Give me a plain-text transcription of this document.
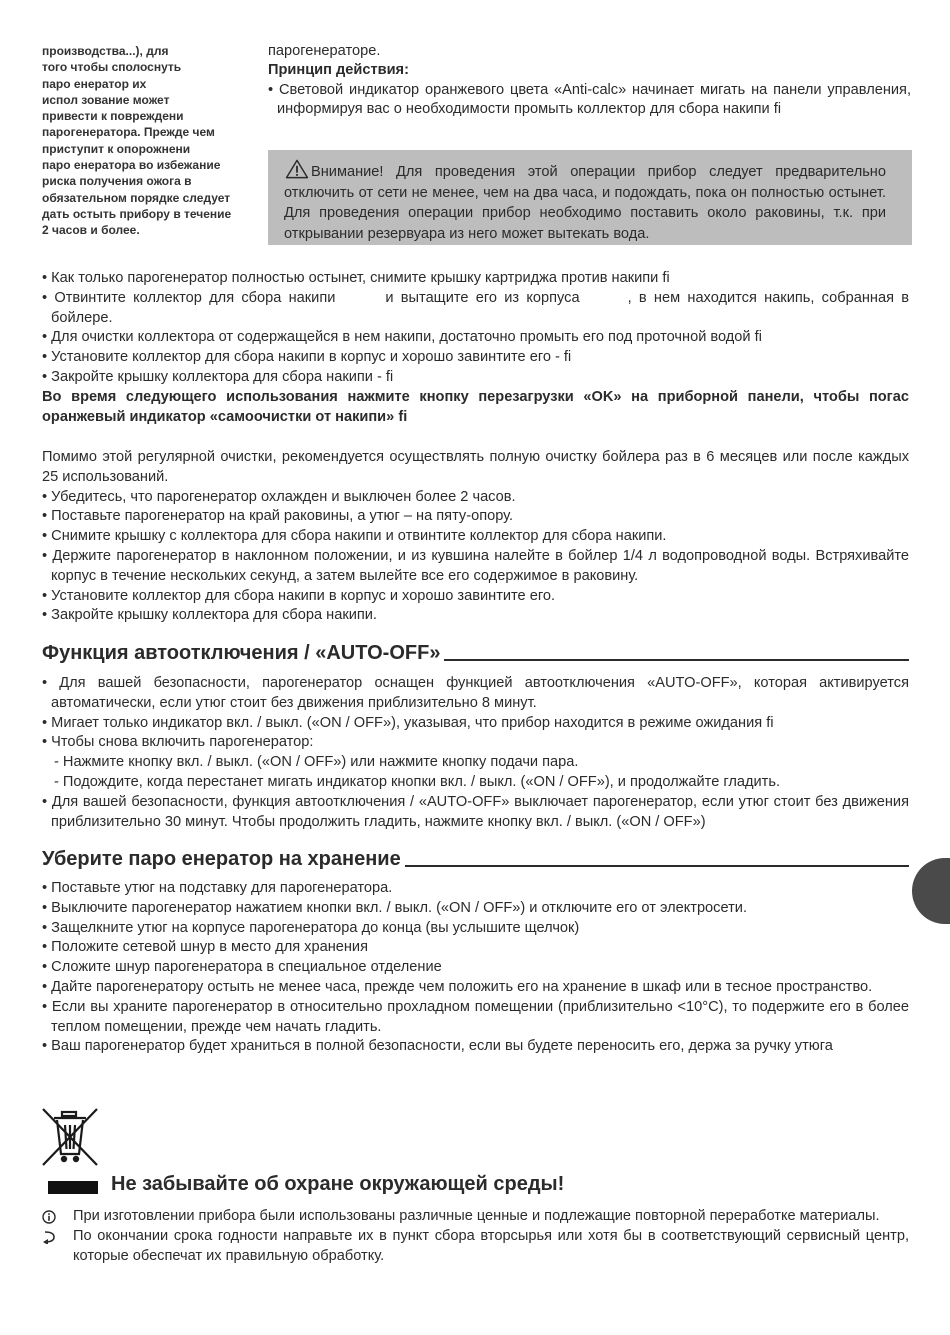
производства...), для
того чтобы сполоснуть
паро енератор их
испол зование может
привести к повреждени
парогенератора. Прежде чем
приступит к опорожнени
паро енератора во избежание
риска получения ожога в
обязательном порядке следует
дать остыть прибору в течение
2 часов и более.

парогенераторе.

Принцип действия:

• Световой индикатор оранжевого цвета «Anti-calc» начинает мигать на панели управления, информируя вас о необходимости промыть коллектор для сбора накипи ﬁ

Внимание! Для проведения этой операции прибор следует предварительно отключить от сети не менее, чем на два часа, и подождать, пока он полностью остынет. Для проведения операции прибор необходимо поставить около раковины, т.к. при открывании резервуара из него может вытекать вода.

• Как только парогенератор полностью остынет, снимите крышку картриджа против накипи ﬁ

• Отвинтите коллектор для сбора накипи	и вытащите его из корпуса	, в нем находится накипь, собранная в бойлере.

• Для очистки коллектора от содержащейся в нем накипи, достаточно промыть его под проточной водой ﬁ

• Установите коллектор для сбора накипи в корпус и хорошо завинтите его - ﬁ

• Закройте крышку коллектора для сбора накипи - ﬁ

Во время следующего использования нажмите кнопку перезагрузки «OK» на приборной панели, чтобы погас оранжевый индикатор «самоочистки от накипи» ﬁ

Помимо этой регулярной очистки, рекомендуется осуществлять полную очистку бойлера раз в 6 месяцев или после каждых 25 использований.

• Убедитесь, что парогенератор охлажден и выключен более 2 часов.

• Поставьте парогенератор на край раковины, а утюг – на пяту-опору.

• Снимите крышку с коллектора для сбора накипи и отвинтите коллектор для сбора накипи.

• Держите парогенератор в наклонном положении, и из кувшина налейте в бойлер 1/4 л водопроводной воды. Встряхивайте корпус в течение нескольких секунд, а затем вылейте все его содержимое в раковину.

• Установите коллектор для сбора накипи в корпус и хорошо завинтите его.

• Закройте крышку коллектора для сбора накипи.

Функция автоотключения / «AUTO-OFF»

• Для вашей безопасности, парогенератор оснащен функцией автоотключения «AUTO-OFF», которая активируется автоматически, если утюг стоит без движения приблизительно 8 минут.

• Мигает только индикатор вкл. / выкл. («ON / OFF»), указывая, что прибор находится в режиме ожидания ﬁ

• Чтобы снова включить парогенератор:

- Нажмите кнопку вкл. / выкл. («ON / OFF») или нажмите кнопку подачи пара.

- Подождите, когда перестанет мигать индикатор кнопки вкл. / выкл. («ON / OFF»), и продолжайте гладить.

• Для вашей безопасности, функция автоотключения / «AUTO-OFF» выключает парогенератор, если утюг стоит без движения приблизительно 30 минут. Чтобы продолжить гладить, нажмите кнопку вкл. / выкл. («ON / OFF»)

Уберите паро енератор на хранение

• Поставьте утюг на подставку для парогенератора.

• Выключите парогенератор нажатием кнопки вкл. / выкл. («ON / OFF») и отключите его от электросети.

• Защелкните утюг на корпусе парогенератора до конца (вы услышите щелчок)

• Положите сетевой шнур в место для хранения

• Сложите шнур парогенератора в специальное отделение

• Дайте парогенератору остыть не менее часа, прежде чем положить его на хранение в шкаф или в тесное пространство.

• Если вы храните парогенератор в относительно прохладном помещении (приблизительно <10°C), то подержите его в более теплом помещении, прежде чем начать гладить.

• Ваш парогенератор будет храниться в полной безопасности, если вы будете переносить его, держа за ручку утюга

Не забывайте об охране окружающей среды!
При изготовлении прибора были использованы различные ценные и подлежащие повторной переработке материалы.
По окончании срока годности направьте их в пункт сбора вторсырья или хотя бы в соответствующий сервисный центр, которые обеспечат их правильную обработку.
